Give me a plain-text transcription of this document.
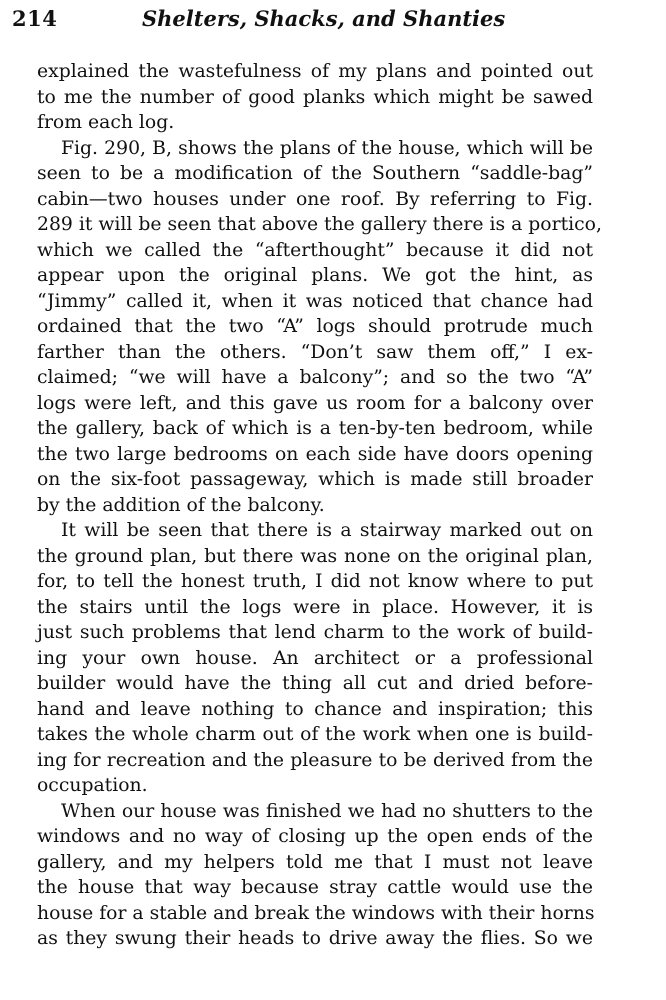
214	Shelters, Shacks, and Shanties
explained the wastefulness of my plans and pointed out
to me the number of good planks which might be sawed
from each log.
Fig. 290, B, shows the plans of the house, which will be
seen to be a modification of the Southern “saddle-bag”
cabin—two houses under one roof. By referring to Fig.
289 it will be seen that above the gallery there is a portico,
which we called the “afterthought” because it did not
appear upon the original plans. We got the hint, as
“Jimmy” called it, when it was noticed that chance had
ordained that the two “A” logs should protrude much
farther than the others. “Don’t saw them off,” I ex-
claimed; “we will have a balcony”; and so the two “A”
logs were left, and this gave us room for a balcony over
the gallery, back of which is a ten-by-ten bedroom, while
the two large bedrooms on each side have doors opening
on the six-foot passageway, which is made still broader
by the addition of the balcony.
It will be seen that there is a stairway marked out on
the ground plan, but there was none on the original plan,
for, to tell the honest truth, I did not know where to put
the stairs until the logs were in place. However, it is
just such problems that lend charm to the work of build-
ing your own house. An architect or a professional
builder would have the thing all cut and dried before-
hand and leave nothing to chance and inspiration; this
takes the whole charm out of the work when one is build-
ing for recreation and the pleasure to be derived from the
occupation.
When our house was finished we had no shutters to the
windows and no way of closing up the open ends of the
gallery, and my helpers told me that I must not leave
the house that way because stray cattle would use the
house for a stable and break the windows with their horns
as they swung their heads to drive away the flies. So we
